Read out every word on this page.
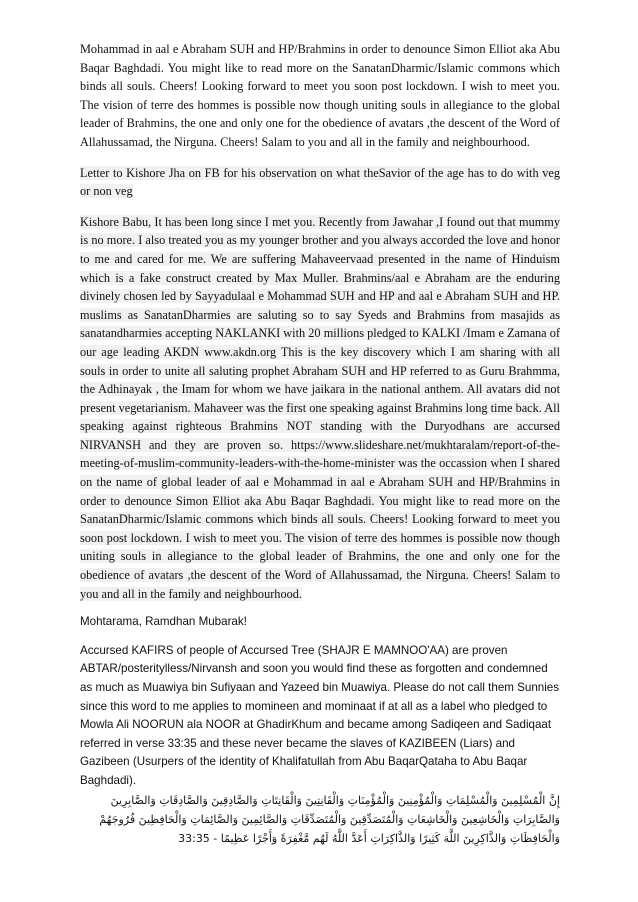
Mohammad in aal e Abraham SUH and HP/Brahmins in order to denounce Simon Elliot aka Abu Baqar Baghdadi. You might like to read more on the SanatanDharmic/Islamic commons which binds all souls. Cheers! Looking forward to meet you soon post lockdown. I wish to meet you. The vision of terre des hommes is possible now though uniting souls in allegiance to the global leader of Brahmins, the one and only one for the obedience of avatars ,the descent of the Word of Allahussamad, the Nirguna. Cheers! Salam to you and all in the family and neighbourhood.

Letter to Kishore Jha on FB for his observation on what theSavior of the age has to do with veg or non veg

Kishore Babu, It has been long since I met you. Recently from Jawahar ,I found out that mummy is no more. I also treated you as my younger brother and you always accorded the love and honor to me and cared for me. We are suffering Mahaveervaad presented in the name of Hinduism which is a fake construct created by Max Muller. Brahmins/aal e Abraham are the enduring divinely chosen led by Sayyadulaal e Mohammad SUH and HP and aal e Abraham SUH and HP. muslims as SanatanDharmies are saluting so to say Syeds and Brahmins from masajids as sanatandharmies accepting NAKLANKI with 20 millions pledged to KALKI /Imam e Zamana of our age leading AKDN www.akdn.org This is the key discovery which I am sharing with all souls in order to unite all saluting prophet Abraham SUH and HP referred to as Guru Brahmma, the Adhinayak , the Imam for whom we have jaikara in the national anthem. All avatars did not present vegetarianism. Mahaveer was the first one speaking against Brahmins long time back. All speaking against righteous Brahmins NOT standing with the Duryodhans are accursed NIRVANSH and they are proven so. https://www.slideshare.net/mukhtaralam/report-of-the-meeting-of-muslim-community-leaders-with-the-home-minister was the occassion when I shared on the name of global leader of aal e Mohammad in aal e Abraham SUH and HP/Brahmins in order to denounce Simon Elliot aka Abu Baqar Baghdadi. You might like to read more on the SanatanDharmic/Islamic commons which binds all souls. Cheers! Looking forward to meet you soon post lockdown. I wish to meet you. The vision of terre des hommes is possible now though uniting souls in allegiance to the global leader of Brahmins, the one and only one for the obedience of avatars ,the descent of the Word of Allahussamad, the Nirguna. Cheers! Salam to you and all in the family and neighbourhood.

Mohtarama, Ramdhan Mubarak!

Accursed KAFIRS of people of Accursed Tree (SHAJR E MAMNOO'AA) are proven ABTAR/posteritylless/Nirvansh and soon you would find these as forgotten and condemned as much as Muawiya bin Sufiyaan and Yazeed bin Muawiya. Please do not call them Sunnies since this word to me applies to momineen and mominaat if at all as a label who pledged to Mowla Ali NOORUN ala NOOR at GhadirKhum and became among Sadiqeen and Sadiqaat referred in verse 33:35 and these never became the slaves of KAZIBEEN (Liars) and Gazibeen (Usurpers of the identity of Khalifatullah from Abu BaqarQataha to Abu Baqar Baghdadi).

إِنَّ الْمُسْلِمِينَ وَالْمُسْلِمَاتِ وَالْمُؤْمِنِينَ وَالْمُؤْمِنَاتِ وَالْقَانِتِينَ وَالْقَانِتَاتِ وَالصَّادِقِينَ وَالصَّادِقَاتِ وَالصَّابِرِينَ وَالصَّابِرَاتِ وَالْخَاشِعِينَ وَالْخَاشِعَاتِ وَالْمُتَصَدِّقِينَ وَالْمُتَصَدِّقَاتِ وَالصَّائِمِينَ وَالصَّائِمَاتِ وَالْحَافِظِينَ فُرُوجَهُمْ وَالْحَافِظَاتِ وَالذَّاكِرِينَ اللَّهَ كَثِيرًا وَالذَّاكِرَاتِ أَعَدَّ اللَّهُ لَهُم مَّغْفِرَةً وَأَجْرًا عَظِيمًا - 33:35
